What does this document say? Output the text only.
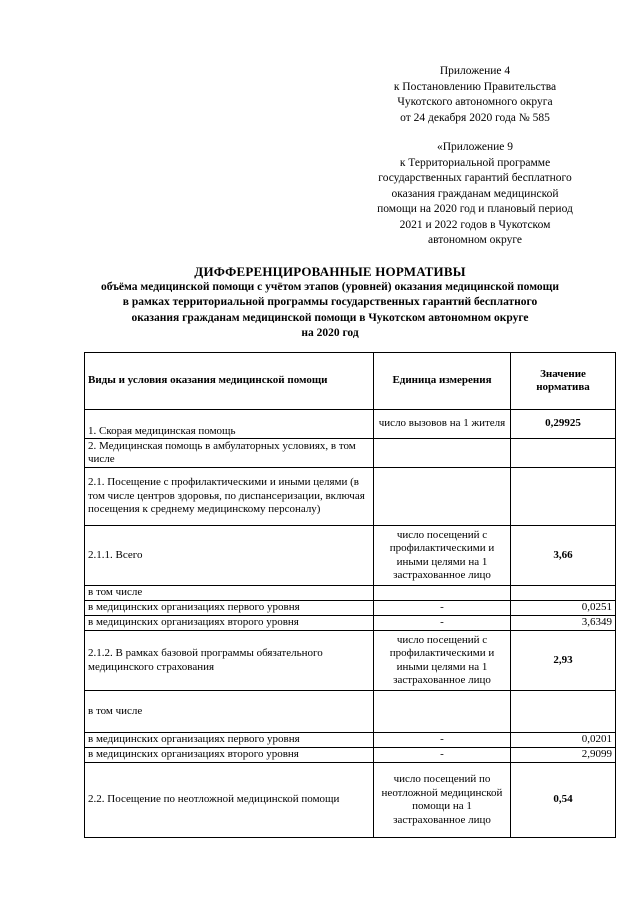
Приложение 4
к Постановлению Правительства
Чукотского автономного округа
от 24 декабря 2020 года № 585
«Приложение 9
к Территориальной программе
государственных гарантий бесплатного
оказания гражданам медицинской
помощи на 2020 год и плановый период
2021 и 2022 годов в Чукотском
автономном округе
ДИФФЕРЕНЦИРОВАННЫЕ НОРМАТИВЫ
объёма медицинской помощи с учётом этапов (уровней) оказания медицинской помощи
в рамках территориальной программы государственных гарантий бесплатного
оказания гражданам медицинской помощи в Чукотском автономном округе
на 2020 год
Виды и условия оказания медицинской помощи	Единица измерения	Значение норматива
1. Скорая медицинская помощь	число вызовов на 1 жителя	0,29925
2. Медицинская помощь в амбулаторных условиях, в том числе		
2.1. Посещение с профилактическими и иными целями (в том числе центров здоровья, по диспансеризации, включая посещения к среднему медицинскому персоналу)		
2.1.1. Всего	число посещений с профилактическими и иными целями на 1 застрахованное лицо	3,66
в том числе		
в медицинских организациях первого уровня	-	0,0251
в медицинских организациях второго уровня	-	3,6349
2.1.2. В рамках базовой программы обязательного медицинского страхования	число посещений с профилактическими и иными целями на 1 застрахованное лицо	2,93
в том числе		
в медицинских организациях первого уровня	-	0,0201
в медицинских организациях второго уровня	-	2,9099
2.2. Посещение по неотложной медицинской помощи	число посещений по неотложной медицинской помощи на 1 застрахованное лицо	0,54
